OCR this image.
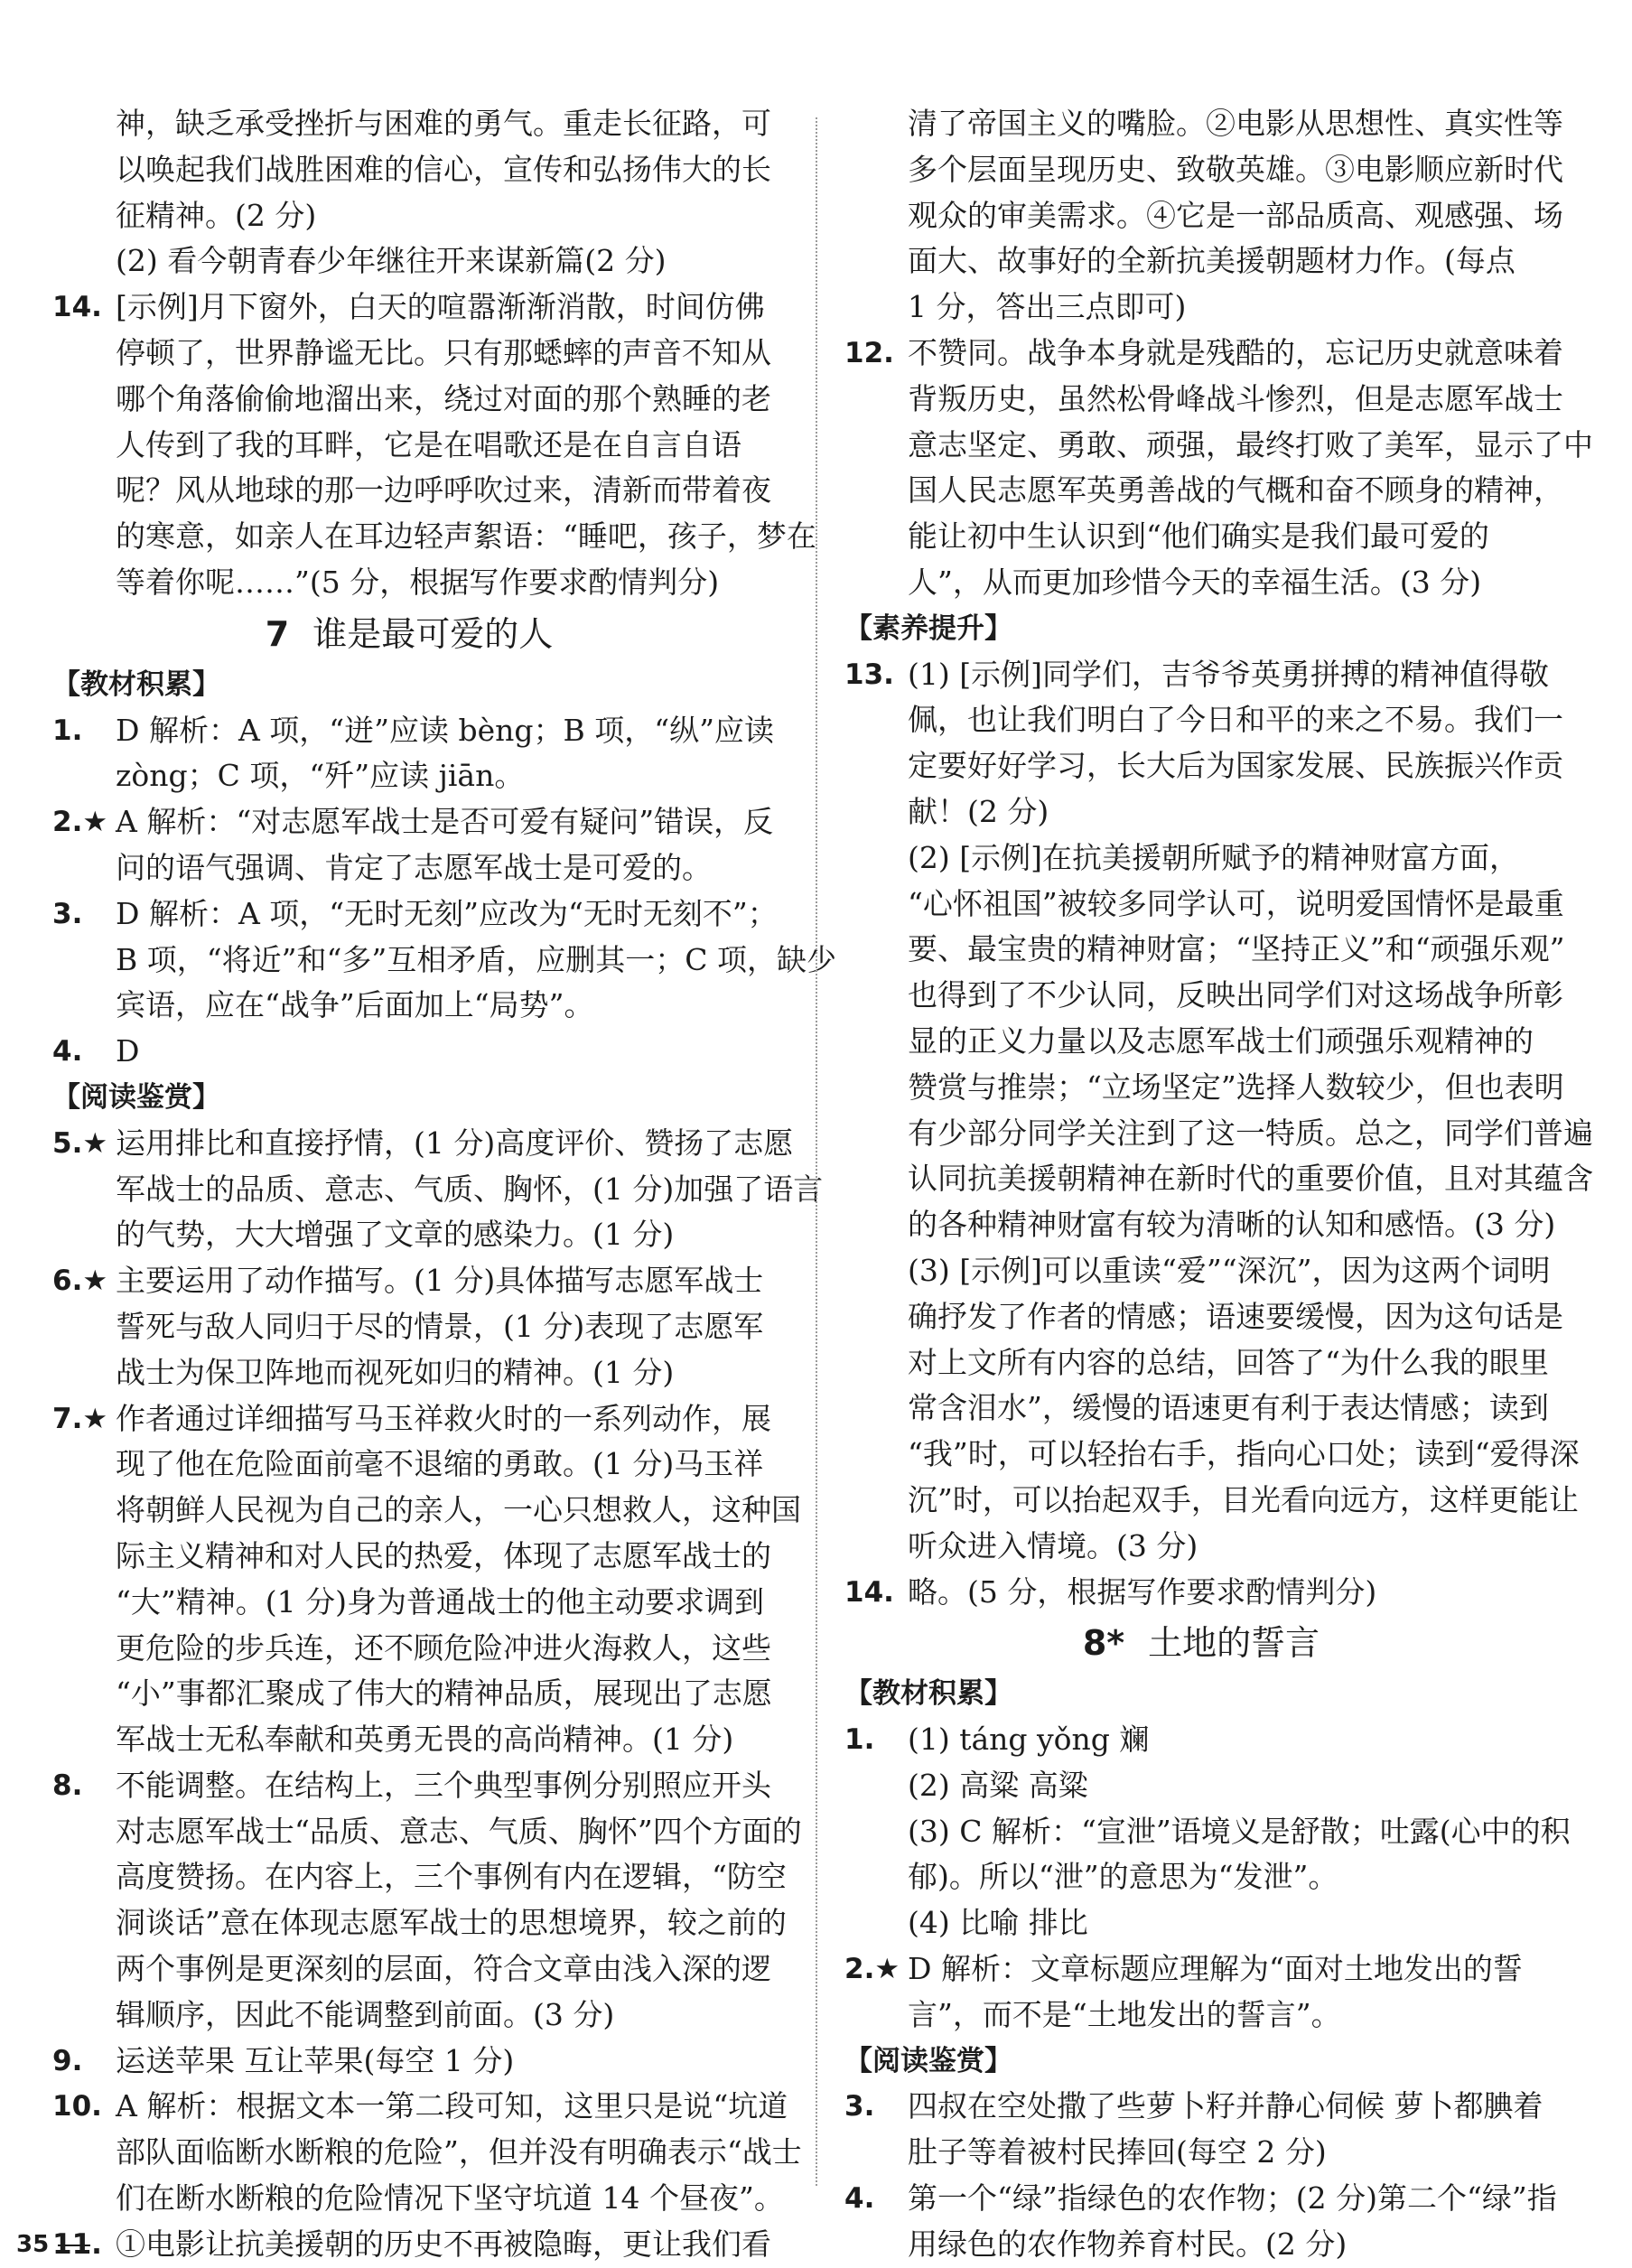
神，缺乏承受挫折与困难的勇气。重走长征路，可
以唤起我们战胜困难的信心，宣传和弘扬伟大的长
征精神。(2 分)
(2) 看今朝青春少年继往开来谋新篇(2 分)
14. [示例]月下窗外，白天的喧嚣渐渐消散，时间仿佛
停顿了，世界静谧无比。只有那蟋蟀的声音不知从
哪个角落偷偷地溜出来，绕过对面的那个熟睡的老
人传到了我的耳畔，它是在唱歌还是在自言自语
呢？风从地球的那一边呼呼吹过来，清新而带着夜
的寒意，如亲人在耳边轻声絮语：“睡吧，孩子，梦在
等着你呢……”(5 分，根据写作要求酌情判分)
7 谁是最可爱的人
【教材积累】
1. D 解析：A 项，“迸”应读 bèng；B 项，“纵”应读
zòng；C 项，“歼”应读 jiān。
2.★ A 解析：“对志愿军战士是否可爱有疑问”错误，反
问的语气强调、肯定了志愿军战士是可爱的。
3. D 解析：A 项，“无时无刻”应改为“无时无刻不”；
B 项，“将近”和“多”互相矛盾，应删其一；C 项，缺少
宾语，应在“战争”后面加上“局势”。
4. D
【阅读鉴赏】
5.★ 运用排比和直接抒情，(1 分)高度评价、赞扬了志愿
军战士的品质、意志、气质、胸怀，(1 分)加强了语言
的气势，大大增强了文章的感染力。(1 分)
6.★ 主要运用了动作描写。(1 分)具体描写志愿军战士
誓死与敌人同归于尽的情景，(1 分)表现了志愿军
战士为保卫阵地而视死如归的精神。(1 分)
7.★ 作者通过详细描写马玉祥救火时的一系列动作，展
现了他在危险面前毫不退缩的勇敢。(1 分)马玉祥
将朝鲜人民视为自己的亲人，一心只想救人，这种国
际主义精神和对人民的热爱，体现了志愿军战士的
“大”精神。(1 分)身为普通战士的他主动要求调到
更危险的步兵连，还不顾危险冲进火海救人，这些
“小”事都汇聚成了伟大的精神品质，展现出了志愿
军战士无私奉献和英勇无畏的高尚精神。(1 分)
8. 不能调整。在结构上，三个典型事例分别照应开头
对志愿军战士“品质、意志、气质、胸怀”四个方面的
高度赞扬。在内容上，三个事例有内在逻辑，“防空
洞谈话”意在体现志愿军战士的思想境界，较之前的
两个事例是更深刻的层面，符合文章由浅入深的逻
辑顺序，因此不能调整到前面。(3 分)
9. 运送苹果 互让苹果(每空 1 分)
10. A 解析：根据文本一第二段可知，这里只是说“坑道
部队面临断水断粮的危险”，但并没有明确表示“战士
们在断水断粮的危险情况下坚守坑道 14 个昼夜”。
11. ①电影让抗美援朝的历史不再被隐晦，更让我们看
清了帝国主义的嘴脸。②电影从思想性、真实性等
多个层面呈现历史、致敬英雄。③电影顺应新时代
观众的审美需求。④它是一部品质高、观感强、场
面大、故事好的全新抗美援朝题材力作。(每点
1 分，答出三点即可)
12. 不赞同。战争本身就是残酷的，忘记历史就意味着
背叛历史，虽然松骨峰战斗惨烈，但是志愿军战士
意志坚定、勇敢、顽强，最终打败了美军，显示了中
国人民志愿军英勇善战的气概和奋不顾身的精神，
能让初中生认识到“他们确实是我们最可爱的
人”，从而更加珍惜今天的幸福生活。(3 分)
【素养提升】
13. (1) [示例]同学们，吉爷爷英勇拼搏的精神值得敬
佩，也让我们明白了今日和平的来之不易。我们一
定要好好学习，长大后为国家发展、民族振兴作贡
献！(2 分)
(2) [示例]在抗美援朝所赋予的精神财富方面，
“心怀祖国”被较多同学认可，说明爱国情怀是最重
要、最宝贵的精神财富；“坚持正义”和“顽强乐观”
也得到了不少认同，反映出同学们对这场战争所彰
显的正义力量以及志愿军战士们顽强乐观精神的
赞赏与推崇；“立场坚定”选择人数较少，但也表明
有少部分同学关注到了这一特质。总之，同学们普遍
认同抗美援朝精神在新时代的重要价值，且对其蕴含
的各种精神财富有较为清晰的认知和感悟。(3 分)
(3) [示例]可以重读“爱”“深沉”，因为这两个词明
确抒发了作者的情感；语速要缓慢，因为这句话是
对上文所有内容的总结，回答了“为什么我的眼里
常含泪水”，缓慢的语速更有利于表达情感；读到
“我”时，可以轻抬右手，指向心口处；读到“爱得深
沉”时，可以抬起双手，目光看向远方，这样更能让
听众进入情境。(3 分)
14. 略。(5 分，根据写作要求酌情判分)
8* 土地的誓言
【教材积累】
1. (1) táng yǒng 斓
(2) 高粱 高粱
(3) C 解析：“宣泄”语境义是舒散；吐露(心中的积
郁)。所以“泄”的意思为“发泄”。
(4) 比喻 排比
2.★ D 解析：文章标题应理解为“面对土地发出的誓
言”，而不是“土地发出的誓言”。
【阅读鉴赏】
3. 四叔在空处撒了些萝卜籽并静心伺候 萝卜都腆着
肚子等着被村民捧回(每空 2 分)
4. 第一个“绿”指绿色的农作物；(2 分)第二个“绿”指
用绿色的农作物养育村民。(2 分)
35
